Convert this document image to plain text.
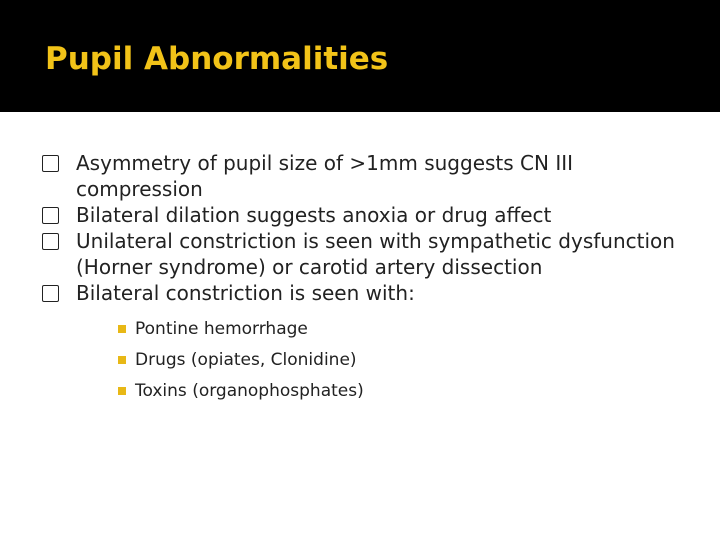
Pupil Abnormalities
Asymmetry of pupil size of >1mm suggests CN III compression
Bilateral dilation suggests anoxia or drug affect
Unilateral constriction is seen with sympathetic dysfunction (Horner syndrome) or carotid artery dissection
Bilateral constriction is seen with:
Pontine hemorrhage
Drugs (opiates, Clonidine)
Toxins (organophosphates)
